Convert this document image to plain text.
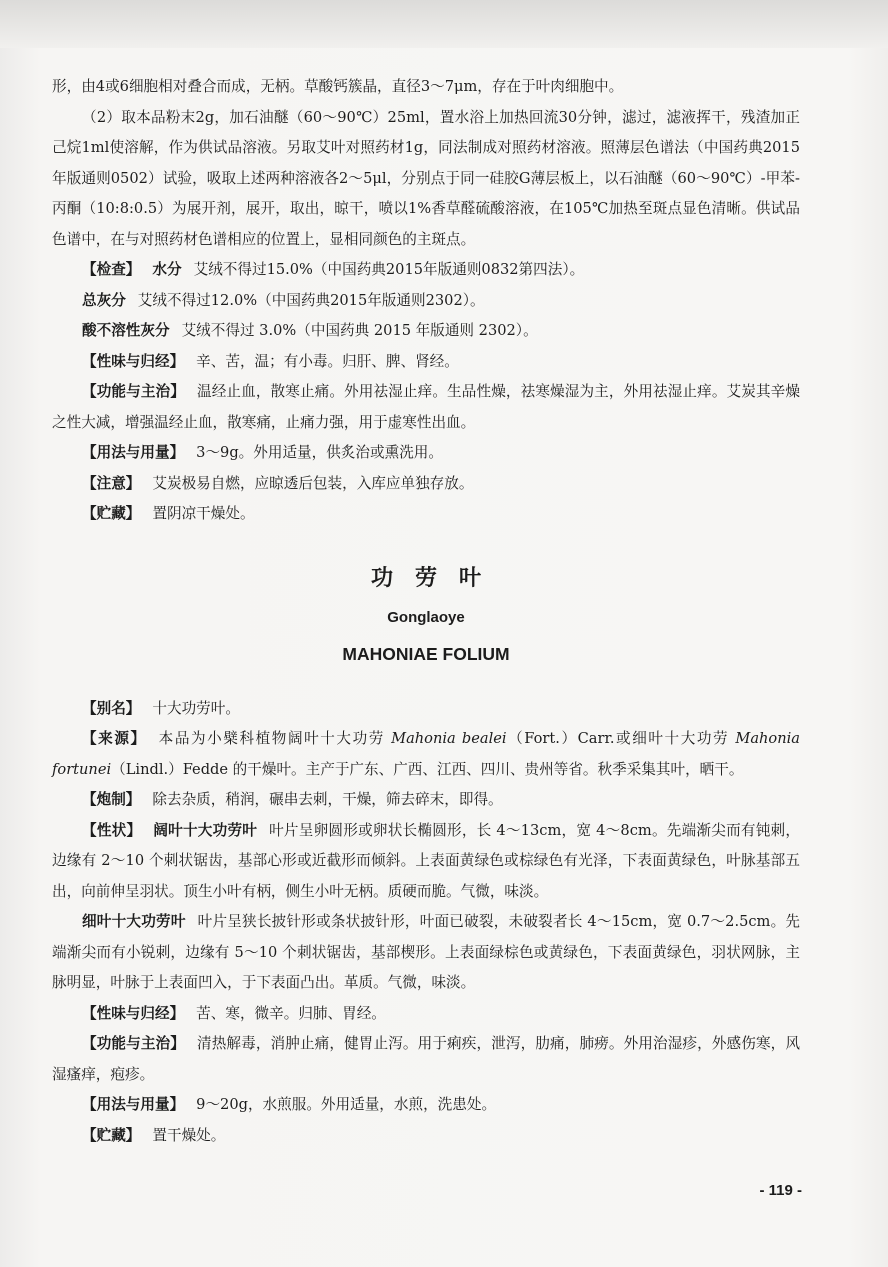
形，由4或6细胞相对叠合而成，无柄。草酸钙簇晶，直径3～7μm，存在于叶肉细胞中。

（2）取本品粉末2g，加石油醚（60～90℃）25ml，置水浴上加热回流30分钟，滤过，滤液挥干，残渣加正己烷1ml使溶解，作为供试品溶液。另取艾叶对照药材1g，同法制成对照药材溶液。照薄层色谱法（中国药典2015年版通则0502）试验，吸取上述两种溶液各2～5μl，分别点于同一硅胶G薄层板上，以石油醚（60～90℃）-甲苯-丙酮（10:8:0.5）为展开剂，展开，取出，晾干，喷以1%香草醛硫酸溶液，在105℃加热至斑点显色清晰。供试品色谱中，在与对照药材色谱相应的位置上，显相同颜色的主斑点。

【检查】 水分 艾绒不得过15.0%（中国药典2015年版通则0832第四法）。

总灰分 艾绒不得过12.0%（中国药典2015年版通则2302）。

酸不溶性灰分 艾绒不得过 3.0%（中国药典 2015 年版通则 2302）。

【性味与归经】 辛、苦，温；有小毒。归肝、脾、肾经。

【功能与主治】 温经止血，散寒止痛。外用祛湿止痒。生品性燥，祛寒燥湿为主，外用祛湿止痒。艾炭其辛燥之性大减，增强温经止血，散寒痛，止痛力强，用于虚寒性出血。

【用法与用量】 3～9g。外用适量，供炙治或熏洗用。

【注意】 艾炭极易自燃，应晾透后包装，入库应单独存放。

【贮藏】 置阴凉干燥处。

功劳叶
Gonglaoye
MAHONIAE FOLIUM

【别名】 十大功劳叶。

【来源】 本品为小檗科植物阔叶十大功劳 Mahonia bealei（Fort.）Carr.或细叶十大功劳 Mahonia fortunei（Lindl.）Fedde 的干燥叶。主产于广东、广西、江西、四川、贵州等省。秋季采集其叶，晒干。

【炮制】 除去杂质，稍润，碾串去刺，干燥，筛去碎末，即得。

【性状】 阔叶十大功劳叶 叶片呈卵圆形或卵状长椭圆形，长 4～13cm，宽 4～8cm。先端渐尖而有钝刺，边缘有 2～10 个刺状锯齿，基部心形或近截形而倾斜。上表面黄绿色或棕绿色有光泽，下表面黄绿色，叶脉基部五出，向前伸呈羽状。顶生小叶有柄，侧生小叶无柄。质硬而脆。气微，味淡。

细叶十大功劳叶 叶片呈狭长披针形或条状披针形，叶面已破裂，未破裂者长 4～15cm，宽 0.7～2.5cm。先端渐尖而有小锐刺，边缘有 5～10 个刺状锯齿，基部楔形。上表面绿棕色或黄绿色，下表面黄绿色，羽状网脉，主脉明显，叶脉于上表面凹入，于下表面凸出。革质。气微，味淡。

【性味与归经】 苦、寒，微辛。归肺、胃经。

【功能与主治】 清热解毒，消肿止痛，健胃止泻。用于痢疾，泄泻，肋痛，肺痨。外用治湿疹，外感伤寒，风湿瘙痒，疱疹。

【用法与用量】 9～20g，水煎服。外用适量，水煎，洗患处。

【贮藏】 置干燥处。

- 119 -
